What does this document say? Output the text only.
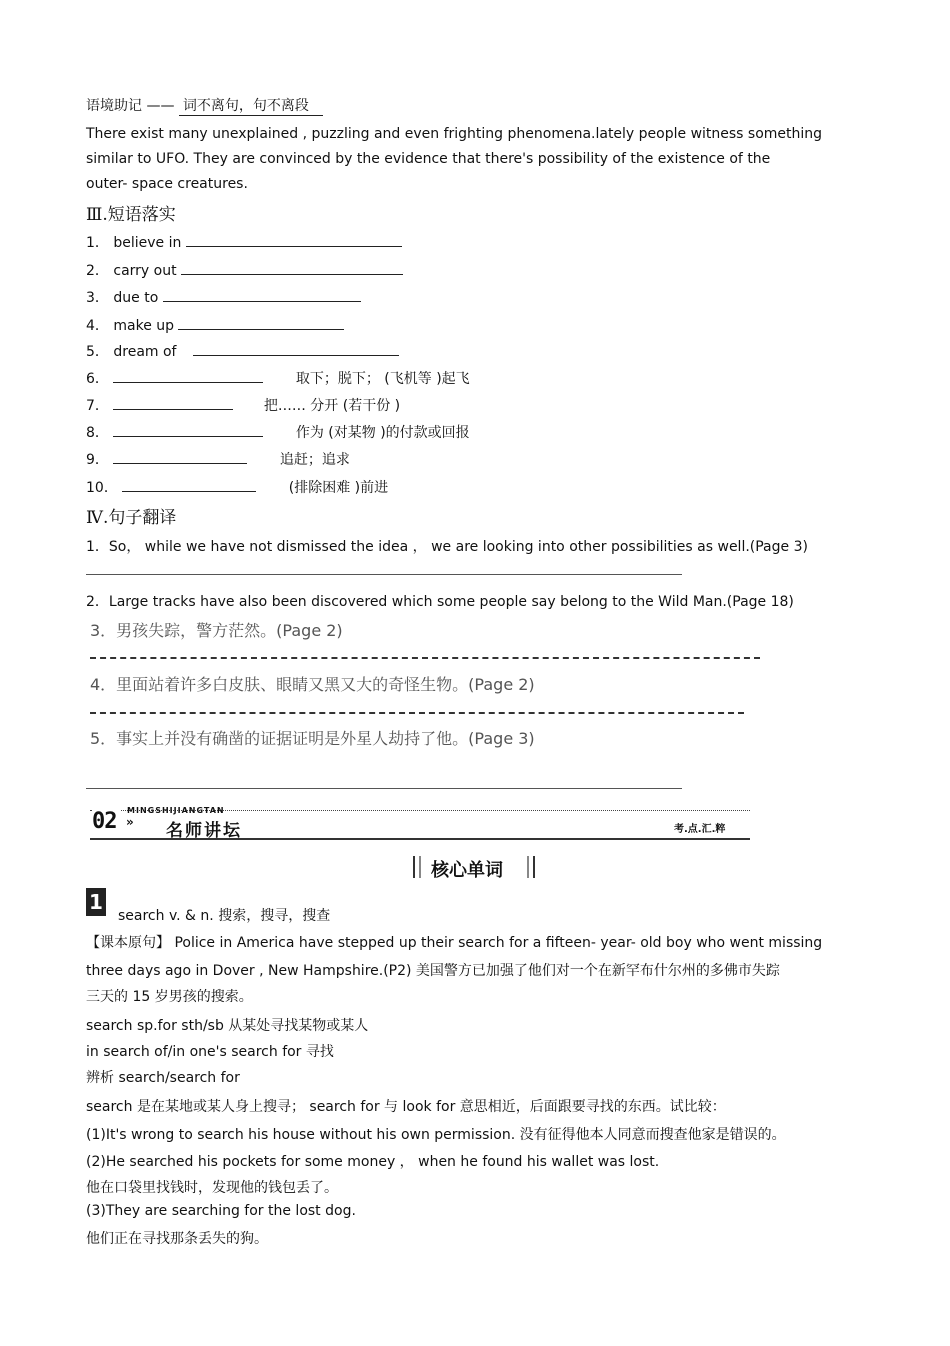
语境助记 —— 词不离句，句不离段
There exist many unexplained , puzzling and even frighting phenomena.lately people witness something
similar to UFO. They are convinced by the evidence that there's possibility of the existence of the
outer- space creatures.
Ⅲ.短语落实
1． believe in
2． carry out
3． due to
4． make up
5． dream of
6．	取下；脱下； (飞机等 )起飞
7．	把…… 分开 (若干份 )
8．	作为 (对某物 )的付款或回报
9．	追赶；追求
10．	(排除困难 )前进
Ⅳ.句子翻译
1．So， while we have not dismissed the idea ， we are looking into other possibilities as well.(Page 3)
2．Large tracks have also been discovered which some people say belong to the Wild Man.(Page 18)
3．男孩失踪，警方茫然。(Page 2)
4．里面站着许多白皮肤、眼睛又黑又大的奇怪生物。(Page 2)
5．事实上并没有确凿的证据证明是外星人劫持了他。(Page 3)
02	MINGSHIJIANGTAN
» 名师讲坛	考.点.汇.粹
核心单词
1
search v. & n. 搜索，搜寻，搜查
【课本原句】 Police in America have stepped up their search for a fifteen- year- old boy who went missing
three days ago in Dover , New Hampshire.(P2) 美国警方已加强了他们对一个在新罕布什尔州的多佛市失踪
三天的 15 岁男孩的搜索。
search sp.for sth/sb 从某处寻找某物或某人
in search of/in one's search for 寻找
辨析 search/search for
search 是在某地或某人身上搜寻； search for 与 look for 意思相近，后面跟要寻找的东西。试比较：
(1)It's wrong to search his house without his own permission. 没有征得他本人同意而搜查他家是错误的。
(2)He searched his pockets for some money ， when he found his wallet was lost.
他在口袋里找钱时，发现他的钱包丢了。
(3)They are searching for the lost dog.
他们正在寻找那条丢失的狗。
